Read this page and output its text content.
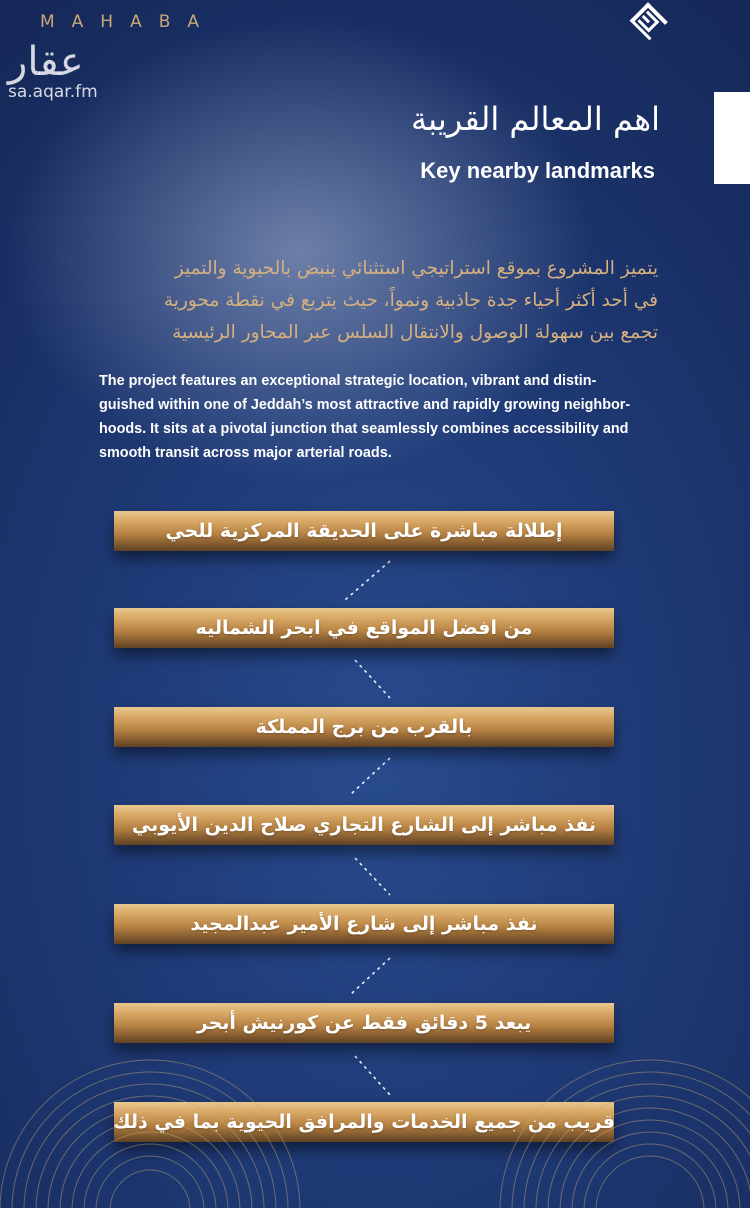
MAHABA
عقار
sa.aqar.fm
اهم المعالم القريبة
Key nearby landmarks
يتميز المشروع بموقع استراتيجي استثنائي ينبض بالحيوية والتميز
في أحد أكثر أحياء جدة جاذبية ونمواً، حيث يتربع في نقطة محورية
تجمع بين سهولة الوصول والانتقال السلس عبر المحاور الرئيسية
The project features an exceptional strategic location, vibrant and distin-
guished within one of Jeddah’s most attractive and rapidly growing neighbor-
hoods. It sits at a pivotal junction that seamlessly combines accessibility and
smooth transit across major arterial roads.
إطلالة مباشرة على الحديقة المركزية للحي
من افضل المواقع في ابحر الشماليه
بالقرب من برج المملكة
نفذ مباشر إلى الشارع التجاري صلاح الدين الأيوبي
نفذ مباشر إلى شارع الأمير عبدالمجيد
يبعد 5 دقائق فقط عن كورنيش أبحر
قريب من جميع الخدمات والمرافق الحيوية بما في ذلك
